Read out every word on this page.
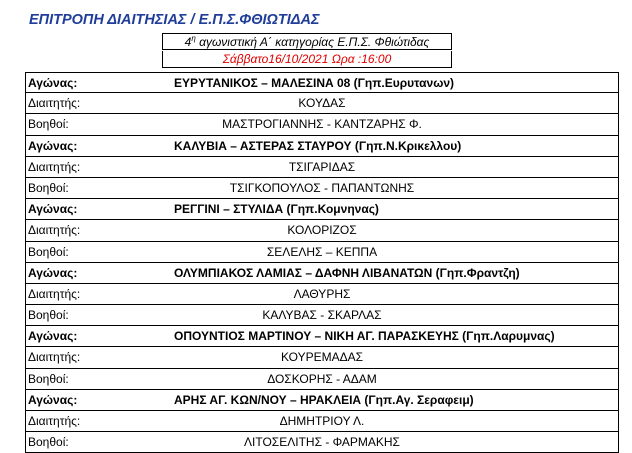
ΕΠΙΤΡΟΠΗ ΔΙΑΙΤΗΣΙΑΣ / Ε.Π.Σ.ΦΘΙΩΤΙΔΑΣ
$4^\eta$ αγωνιστική Α΄ κατηγορίας Ε.Π.Σ. Φθιώτιδας
Σάββατο16/10/2021 Ωρα :16:00
Αγώνας:	ΕΥΡΥΤΑΝΙΚΟΣ – ΜΑΛΕΣΙΝΑ 08 (Γηπ.Ευρυτανων)
Διαιτητής:	ΚΟΥΔΑΣ
Βοηθοί:	ΜΑΣΤΡΟΓΙΑΝΝΗΣ - ΚΑΝΤΖΑΡΗΣ Φ.
Αγώνας:	ΚΑΛΥΒΙΑ – ΑΣΤΕΡΑΣ ΣΤΑΥΡΟΥ (Γηπ.Ν.Κρικελλου)
Διαιτητής:	ΤΣΙΓΑΡΙΔΑΣ
Βοηθοί:	ΤΣΙΓΚΟΠΟΥΛΟΣ - ΠΑΠΑΝΤΩΝΗΣ
Αγώνας:	ΡΕΓΓΙΝΙ – ΣΤΥΛΙΔΑ (Γηπ.Κομνηνας)
Διαιτητής:	ΚΟΛΟΡΙΖΟΣ
Βοηθοί:	ΣΕΛΕΛΗΣ – ΚΕΠΠΑ
Αγώνας:	ΟΛΥΜΠΙΑΚΟΣ ΛΑΜΙΑΣ – ΔΑΦΝΗ ΛΙΒΑΝΑΤΩΝ (Γηπ.Φραντζη)
Διαιτητής:	ΛΑΘΥΡΗΣ
Βοηθοί:	ΚΑΛΥΒΑΣ - ΣΚΑΡΛΑΣ
Αγώνας:	ΟΠΟΥΝΤΙΟΣ ΜΑΡΤΙΝΟΥ – ΝΙΚΗ ΑΓ. ΠΑΡΑΣΚΕΥΗΣ (Γηπ.Λαρυμνας)
Διαιτητής:	ΚΟΥΡΕΜΑΔΑΣ
Βοηθοί:	ΔΟΣΚΟΡΗΣ - ΑΔΑΜ
Αγώνας:	ΑΡΗΣ ΑΓ. ΚΩΝ/ΝΟΥ – ΗΡΑΚΛΕΙΑ (Γηπ.Αγ. Σεραφειμ)
Διαιτητής:	ΔΗΜΗΤΡΙΟΥ Λ.
Βοηθοί:	ΛΙΤΟΣΕΛΙΤΗΣ - ΦΑΡΜΑΚΗΣ
